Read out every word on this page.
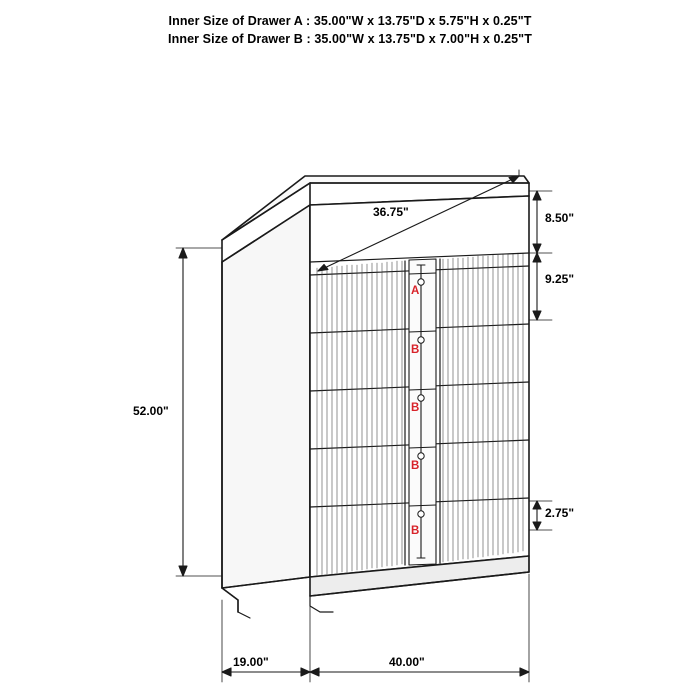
Inner Size of Drawer A : 35.00"W x 13.75"D x 5.75"H x 0.25"T
Inner Size of Drawer B : 35.00"W x 13.75"D x 7.00"H x 0.25"T
36.75"
52.00"
8.50"
9.25"
2.75"
19.00"	40.00"
A
B
B
B
B
